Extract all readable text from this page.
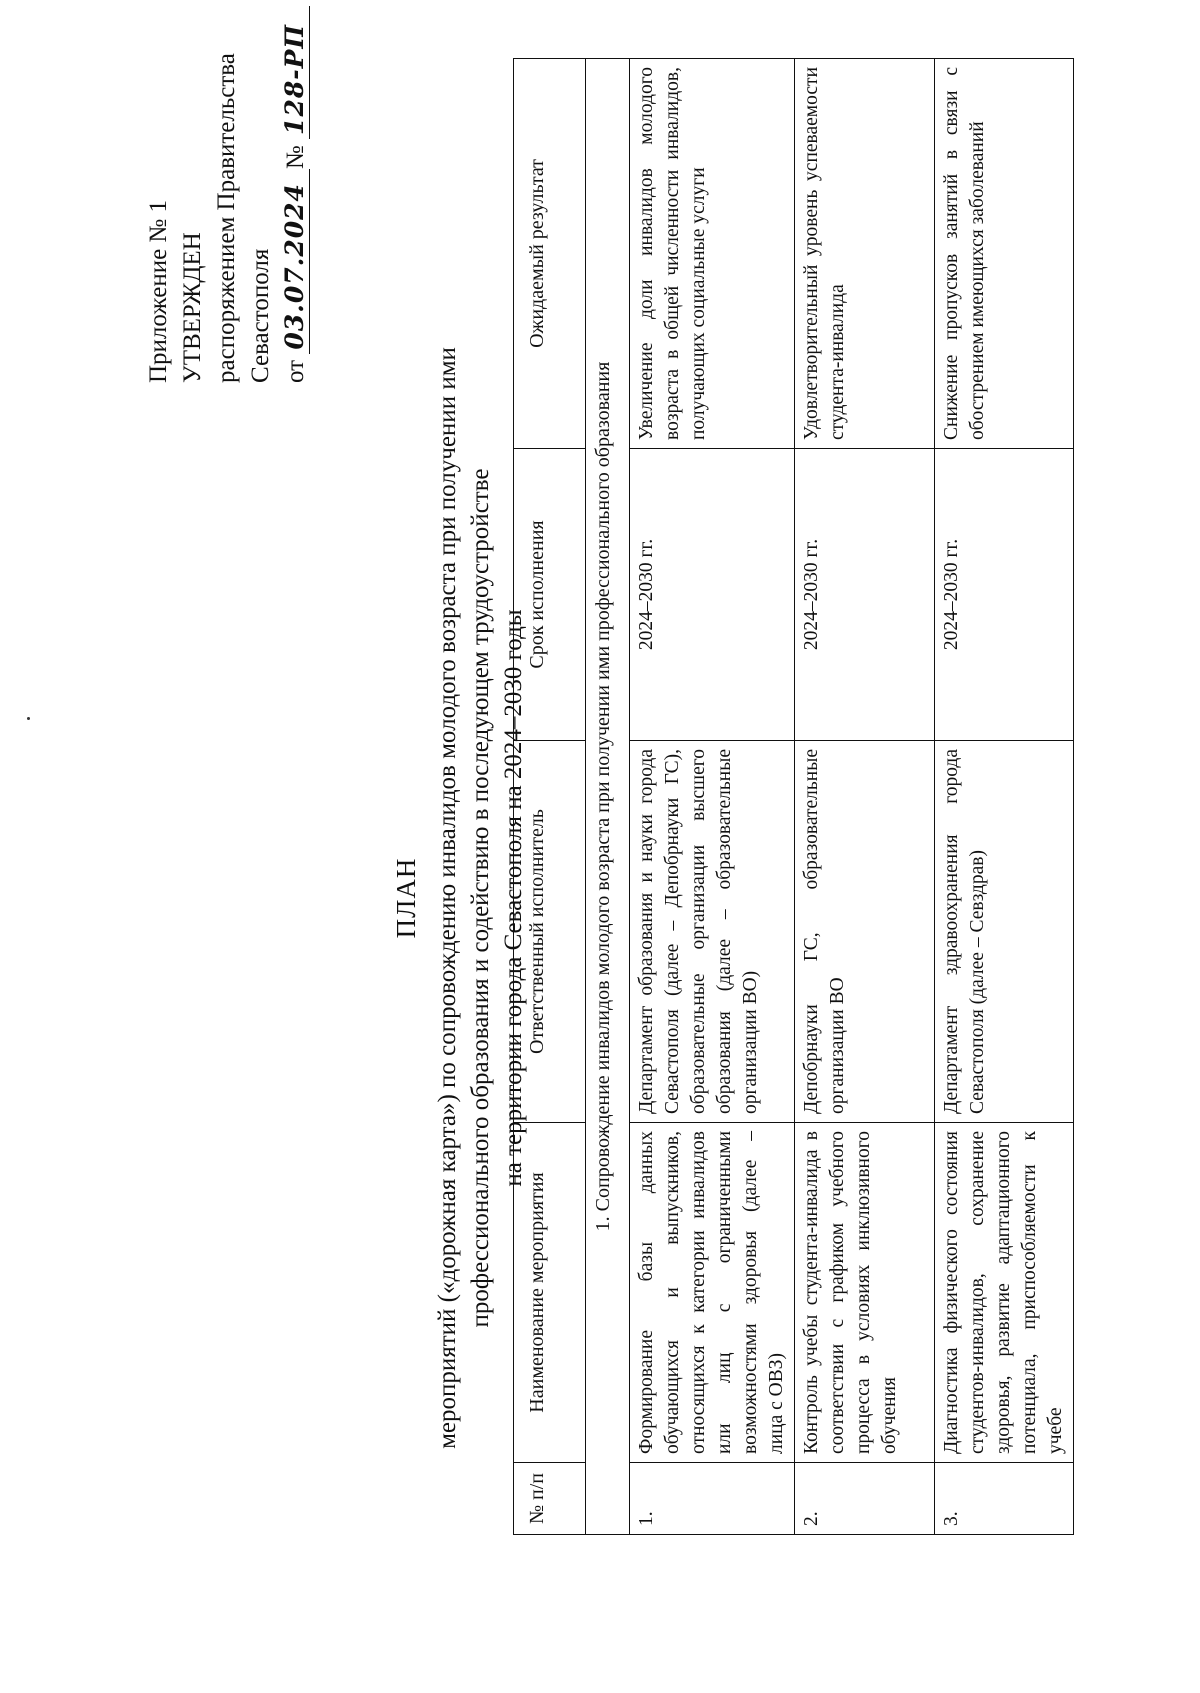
Приложение № 1 УТВЕРЖДЕН распоряжением Правительства Севастополя от 03.07.2024№ 128-РП
ПЛАН мероприятий («дорожная карта») по сопровождению инвалидов молодого возраста при получении ими профессионального образования и содействию в последующем трудоустройстве на территории города Севастополя на 2024–2030 годы
№ п/п	Наименование мероприятия	Ответственный исполнитель	Срок исполнения	Ожидаемый результат
1. Сопровождение инвалидов молодого возраста при получении ими профессионального образования				
1.	Формирование базы данных обучающихся и выпускников, относящихся к категории инвалидов или лиц с ограниченными возможностями здоровья (далее – лица с ОВЗ)	Департамент образования и науки города Севастополя (далее – Депобрнауки ГС), образовательные организации высшего образования (далее – образовательные организации ВО)	2024–2030 гг.	Увеличение доли инвалидов молодого возраста в общей численности инвалидов, получающих социальные услуги
2.	Контроль учебы студента-инвалида в соответствии с графиком учебного процесса в условиях инклюзивного обучения	Депобрнауки ГС, образовательные организации ВО	2024–2030 гг.	Удовлетворительный уровень успеваемости студента-инвалида
3.	Диагностика физического состояния студентов-инвалидов, сохранение здоровья, развитие адаптационного потенциала, приспособляемости к учебе	Департамент здравоохранения города Севастополя (далее – Севздрав)	2024–2030 гг.	Снижение пропусков занятий в связи с обострением имеющихся заболеваний
